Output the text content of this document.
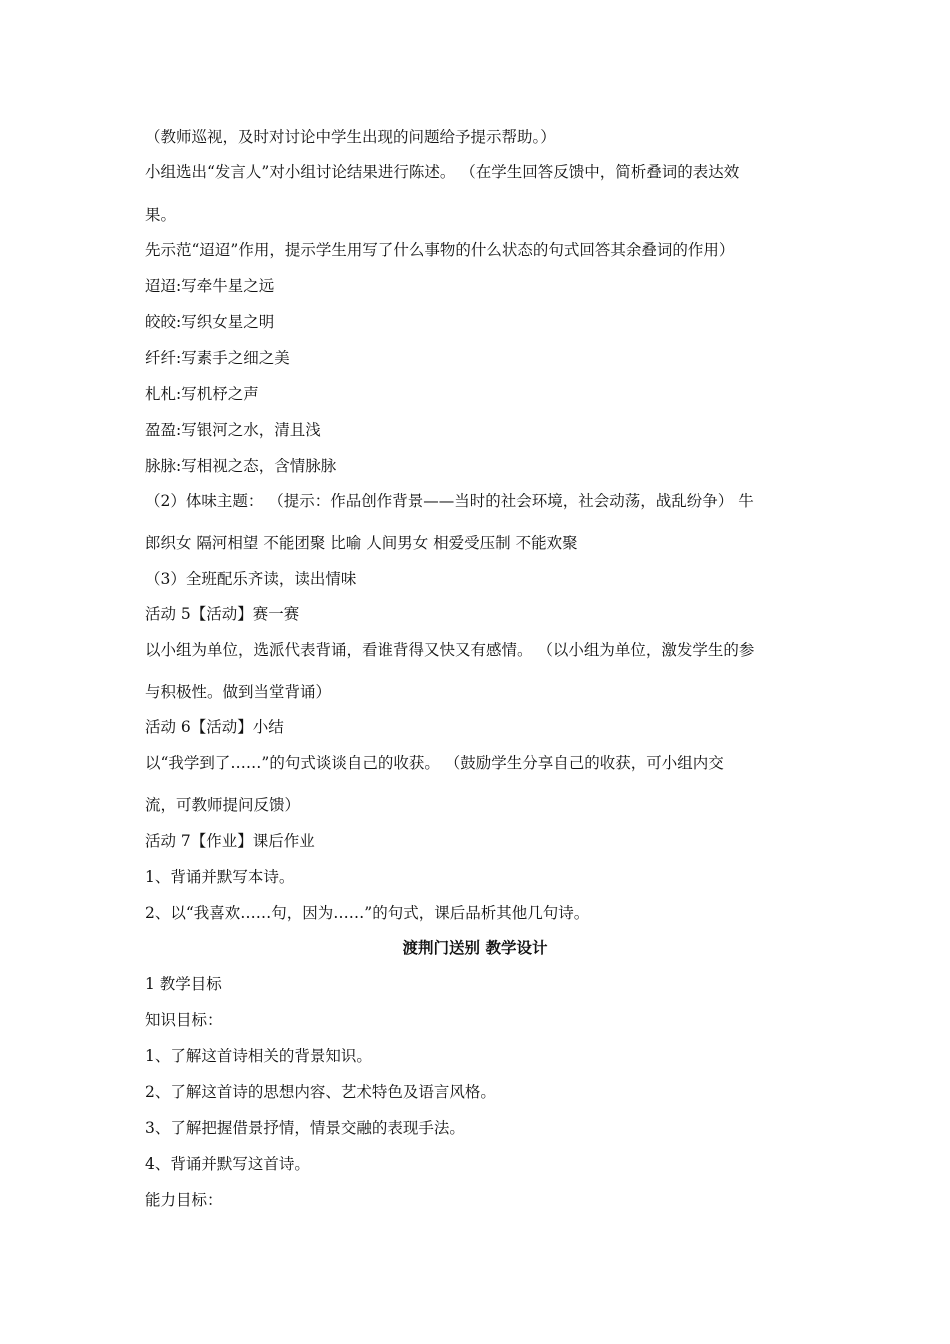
（教师巡视，及时对讨论中学生出现的问题给予提示帮助。）
小组选出“发言人”对小组讨论结果进行陈述。 （在学生回答反馈中，简析叠词的表达效
果。
先示范“迢迢”作用，提示学生用写了什么事物的什么状态的句式回答其余叠词的作用）
迢迢:写牵牛星之远
皎皎:写织女星之明
纤纤:写素手之细之美
札札:写机杼之声
盈盈:写银河之水，清且浅
脉脉:写相视之态，含情脉脉
（2）体味主题： （提示：作品创作背景——当时的社会环境，社会动荡，战乱纷争） 牛
郎织女 隔河相望 不能团聚 比喻 人间男女 相爱受压制 不能欢聚
（3）全班配乐齐读，读出情味
活动 5【活动】赛一赛
以小组为单位，选派代表背诵，看谁背得又快又有感情。 （以小组为单位，激发学生的参
与积极性。做到当堂背诵）
活动 6【活动】小结
以“我学到了……”的句式谈谈自己的收获。 （鼓励学生分享自己的收获，可小组内交
流，可教师提问反馈）
活动 7【作业】课后作业
1、背诵并默写本诗。
2、以“我喜欢……句，因为……”的句式，课后品析其他几句诗。
渡荆门送别 教学设计
1 教学目标
知识目标：
1、了解这首诗相关的背景知识。
2、了解这首诗的思想内容、艺术特色及语言风格。
3、了解把握借景抒情，情景交融的表现手法。
4、背诵并默写这首诗。
能力目标：
